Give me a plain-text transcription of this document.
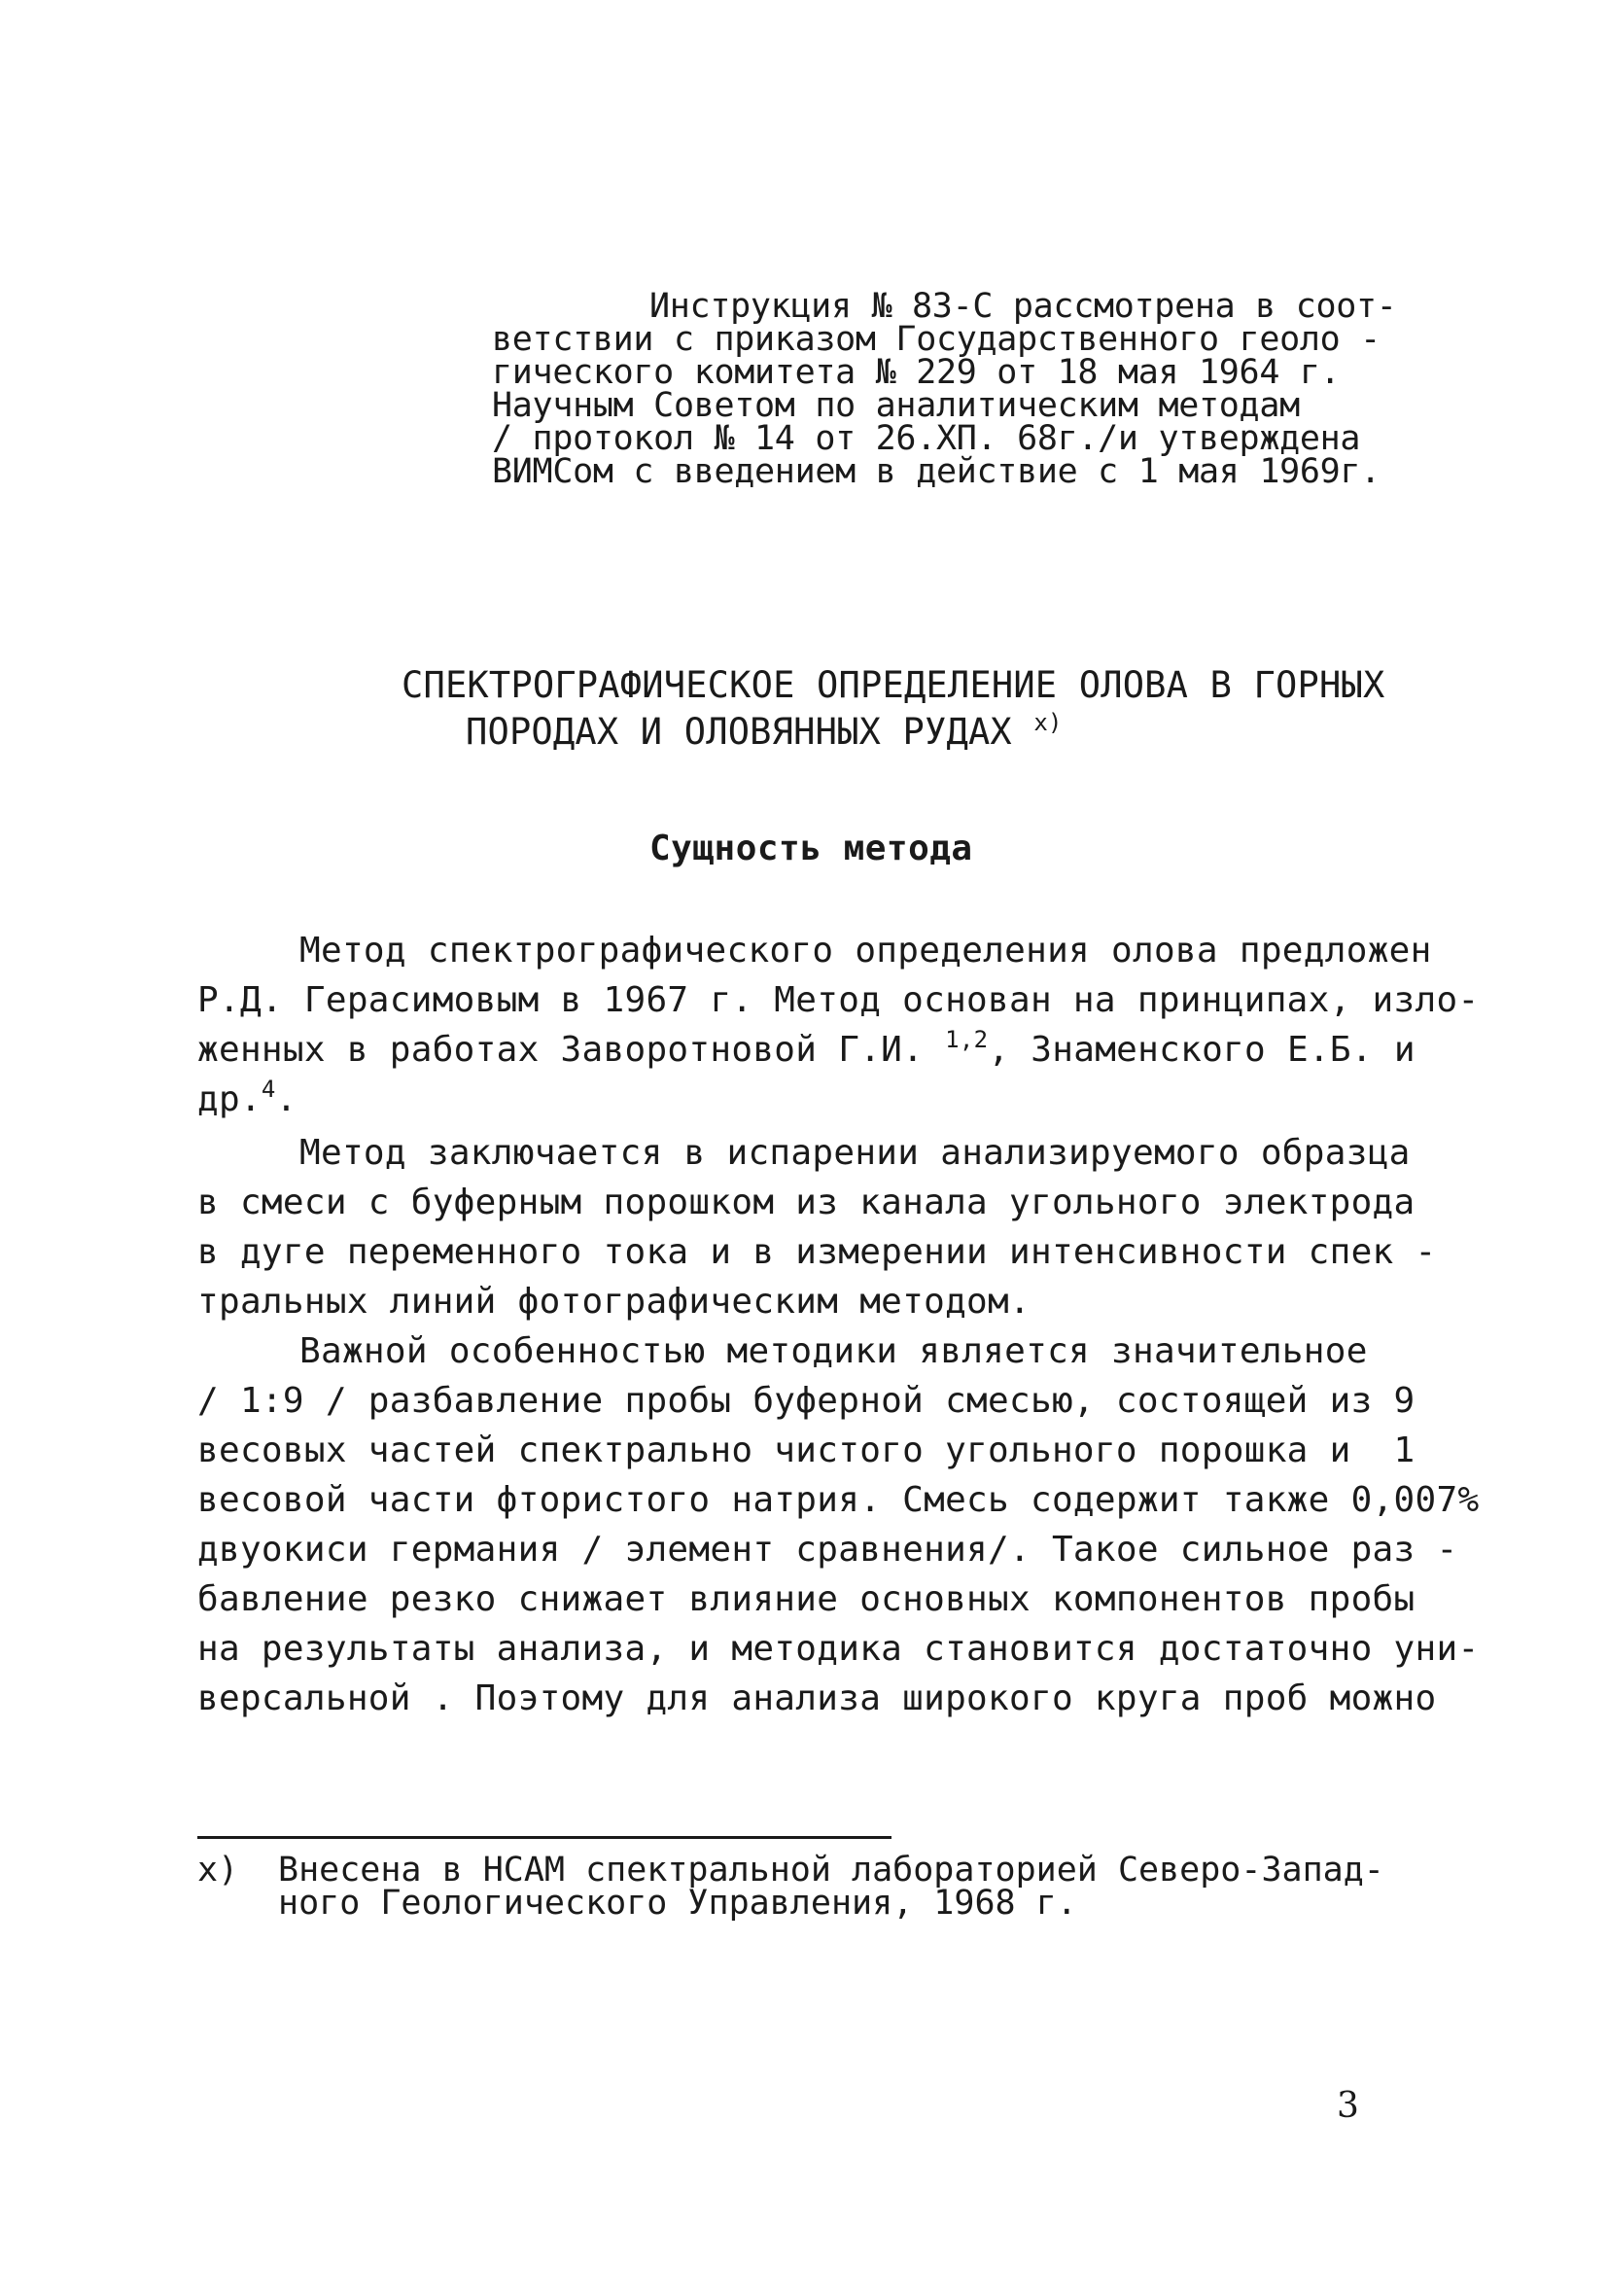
Инструкция № 83-С рассмотрена в соот-
ветствии с приказом Государственного геоло -
гического комитета № 229 от 18 мая 1964 г.
Научным Советом по аналитическим методам
/ протокол № 14 от 26.ХП. 68г./и утверждена
ВИМСом с введением в действие с 1 мая 1969г.
СПЕКТРОГРАФИЧЕСКОЕ ОПРЕДЕЛЕНИЕ ОЛОВА В ГОРНЫХ
ПОРОДАХ И ОЛОВЯННЫХ РУДАХ $^{x)}$
Сущность метода
Метод спектрографического определения олова предложен
Р.Д. Герасимовым в 1967 г. Метод основан на принципах, изло-
женных в работах Заворотновой Г.И. $^{1,2}$, Знаменского Е.Б. и
др.$^4$.
Метод заключается в испарении анализируемого образца
в смеси с буферным порошком из канала угольного электрода
в дуге переменного тока и в измерении интенсивности спек -
тральных линий фотографическим методом.
Важной особенностью методики является значительное
/ 1:9 / разбавление пробы буферной смесью, состоящей из 9
весовых частей спектрально чистого угольного порошка и  1
весовой части фтористого натрия. Смесь содержит также 0,007%
двуокиси германия / элемент сравнения/. Такое сильное раз -
бавление резко снижает влияние основных компонентов пробы
на результаты анализа, и методика становится достаточно уни-
версальной . Поэтому для анализа широкого круга проб можно
x) Внесена в НСАМ спектральной лабораторией Северо-Запад-
ного Геологического Управления, 1968 г.
3
